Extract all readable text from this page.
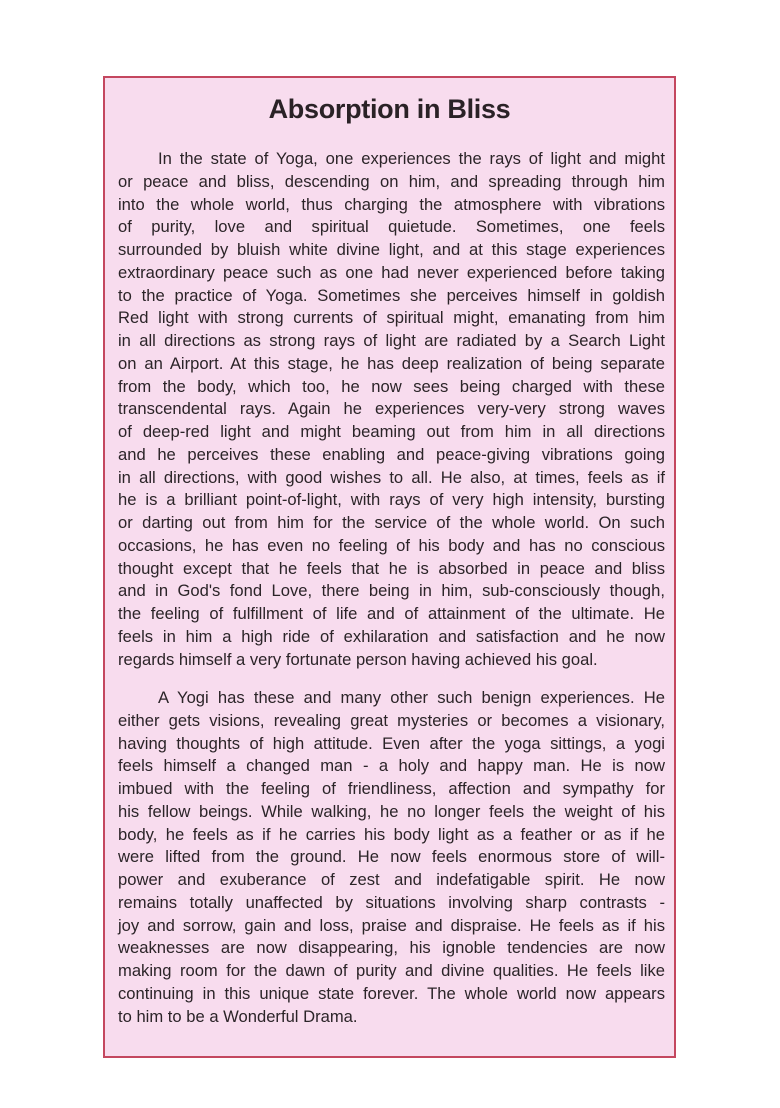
Absorption in Bliss
In the state of Yoga, one experiences the rays of light and might
or peace and bliss, descending on him, and spreading through him
into the whole world, thus charging the atmosphere with vibrations
of purity, love and spiritual quietude. Sometimes, one feels
surrounded by bluish white divine light, and at this stage experiences
extraordinary peace such as one had never experienced before taking
to the practice of Yoga. Sometimes she perceives himself in goldish
Red light with strong currents of spiritual might, emanating from him
in all directions as strong rays of light are radiated by a Search Light
on an Airport. At this stage, he has deep realization of being separate
from the body, which too, he now sees being charged with these
transcendental rays. Again he experiences very-very strong waves
of deep-red light and might beaming out from him in all directions
and he perceives these enabling and peace-giving vibrations going
in all directions, with good wishes to all. He also, at times, feels as if
he is a brilliant point-of-light, with rays of very high intensity, bursting
or darting out from him for the service of the whole world. On such
occasions, he has even no feeling of his body and has no conscious
thought except that he feels that he is absorbed in peace and bliss
and in God's fond Love, there being in him, sub-consciously though,
the feeling of fulfillment of life and of attainment of the ultimate. He
feels in him a high ride of exhilaration and satisfaction and he now
regards himself a very fortunate person having achieved his goal.
A Yogi has these and many other such benign experiences. He
either gets visions, revealing great mysteries or becomes a visionary,
having thoughts of high attitude. Even after the yoga sittings, a yogi
feels himself a changed man - a holy and happy man. He is now
imbued with the feeling of friendliness, affection and sympathy for
his fellow beings. While walking, he no longer feels the weight of his
body, he feels as if he carries his body light as a feather or as if he
were lifted from the ground. He now feels enormous store of will-
power and exuberance of zest and indefatigable spirit. He now
remains totally unaffected by situations involving sharp contrasts -
joy and sorrow, gain and loss, praise and dispraise. He feels as if his
weaknesses are now disappearing, his ignoble tendencies are now
making room for the dawn of purity and divine qualities. He feels like
continuing in this unique state forever. The whole world now appears
to him to be a Wonderful Drama.
